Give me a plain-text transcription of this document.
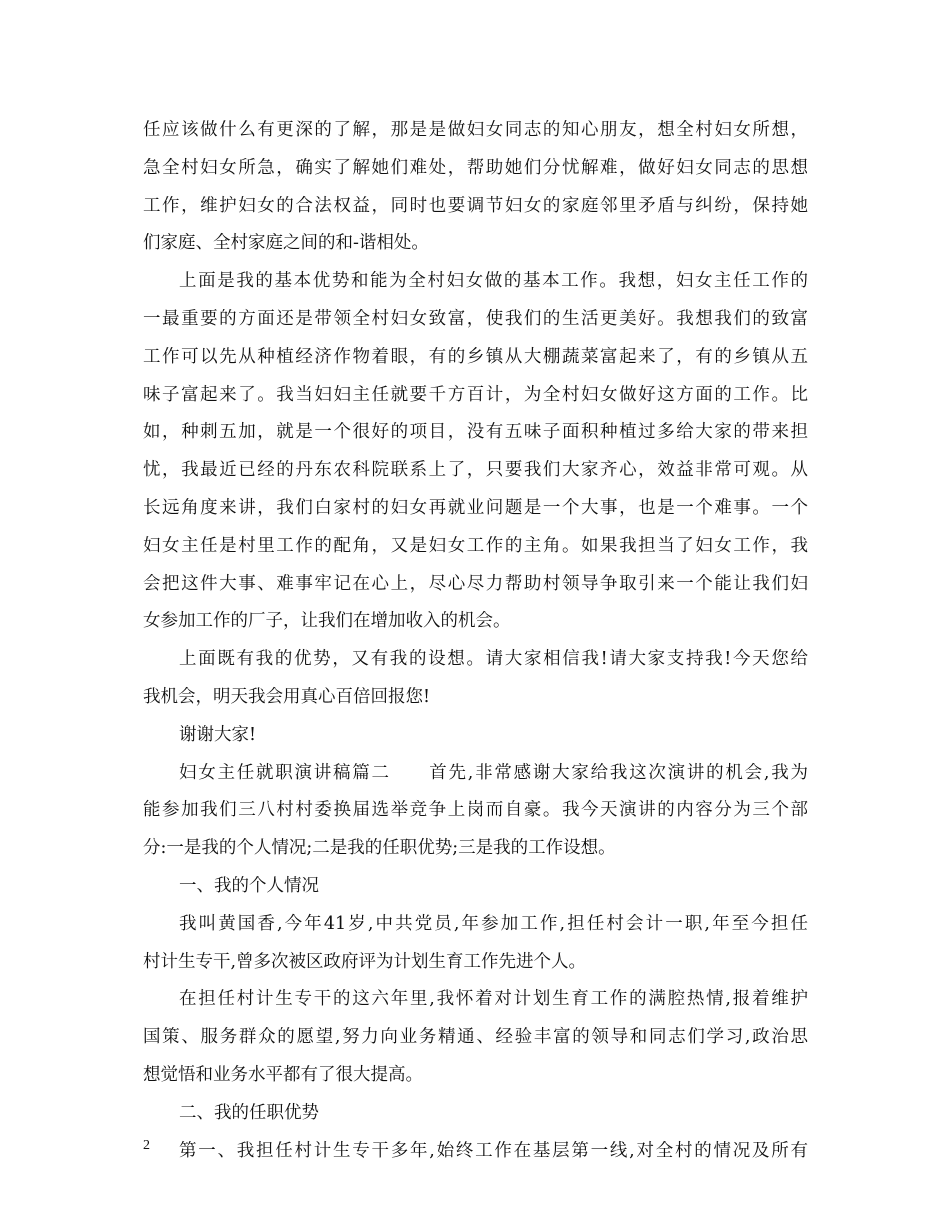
任应该做什么有更深的了解，那是是做妇女同志的知心朋友，想全村妇女所想，
急全村妇女所急，确实了解她们难处，帮助她们分忧解难，做好妇女同志的思想
工作，维护妇女的合法权益，同时也要调节妇女的家庭邻里矛盾与纠纷，保持她
们家庭、全村家庭之间的和-谐相处。
上面是我的基本优势和能为全村妇女做的基本工作。我想，妇女主任工作的
一最重要的方面还是带领全村妇女致富，使我们的生活更美好。我想我们的致富
工作可以先从种植经济作物着眼，有的乡镇从大棚蔬菜富起来了，有的乡镇从五
味子富起来了。我当妇妇主任就要千方百计，为全村妇女做好这方面的工作。比
如，种刺五加，就是一个很好的项目，没有五味子面积种植过多给大家的带来担
忧，我最近已经的丹东农科院联系上了，只要我们大家齐心，效益非常可观。从
长远角度来讲，我们白家村的妇女再就业问题是一个大事，也是一个难事。一个
妇女主任是村里工作的配角，又是妇女工作的主角。如果我担当了妇女工作，我
会把这件大事、难事牢记在心上，尽心尽力帮助村领导争取引来一个能让我们妇
女参加工作的厂子，让我们在增加收入的机会。
上面既有我的优势，又有我的设想。请大家相信我!请大家支持我!今天您给
我机会，明天我会用真心百倍回报您!
谢谢大家!
妇女主任就职演讲稿篇二　　首先,非常感谢大家给我这次演讲的机会,我为
能参加我们三八村村委换届选举竞争上岗而自豪。我今天演讲的内容分为三个部
分:一是我的个人情况;二是我的任职优势;三是我的工作设想。
一、我的个人情况
我叫黄国香,今年41岁,中共党员,年参加工作,担任村会计一职,年至今担任
村计生专干,曾多次被区政府评为计划生育工作先进个人。
在担任村计生专干的这六年里,我怀着对计划生育工作的满腔热情,报着维护
国策、服务群众的愿望,努力向业务精通、经验丰富的领导和同志们学习,政治思
想觉悟和业务水平都有了很大提高。
二、我的任职优势
第一、我担任村计生专干多年,始终工作在基层第一线,对全村的情况及所有
2
